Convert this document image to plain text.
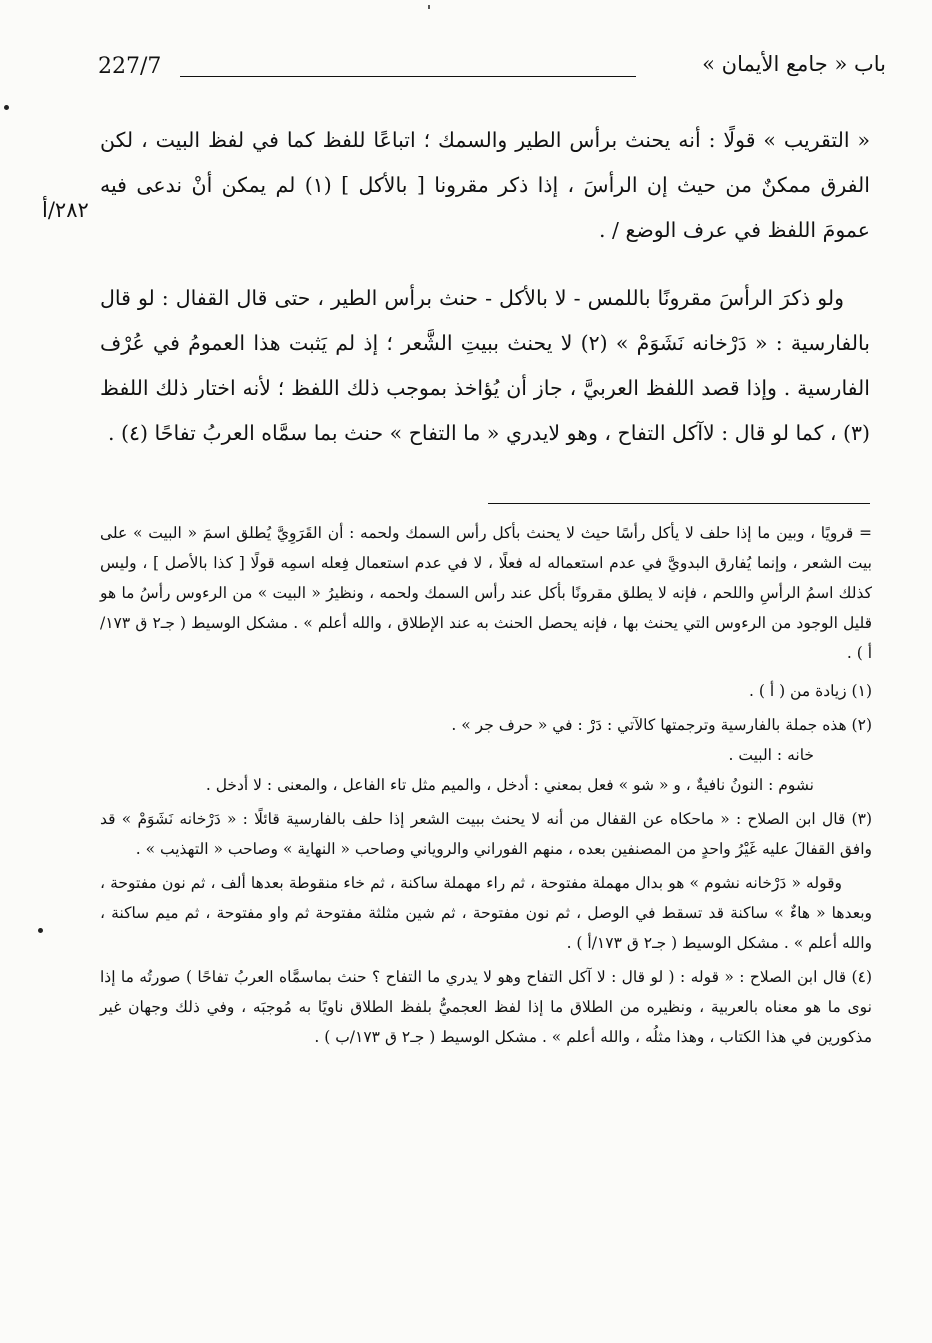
227/7	باب « جامع الأيمان »
٢٨٢/أ

« التقريب » قولًا : أنه يحنث برأس الطير والسمك ؛ اتباعًا للفظ كما في لفظ البيت ، لكن الفرق ممكنٌ من حيث إن الرأسَ ، إذا ذكر مقرونا [ بالأكل ] (١) لم يمكن أنْ ندعى فيه عمومَ اللفظ في عرف الوضع / .

ولو ذكرَ الرأسَ مقرونًا باللمس - لا بالأكل - حنث برأس الطير ، حتى قال القفال : لو قال بالفارسية : « دَرْخانه نَشَوَمْ » (٢) لا يحنث ببيتِ الشَّعر ؛ إذ لم يَثبت هذا العمومُ في عُرْف الفارسية . وإذا قصد اللفظ العربيَّ ، جاز أن يُؤاخذ بموجب ذلك اللفظ ؛ لأنه اختار ذلك اللفظ (٣) ، كما لو قال : لاآكل التفاح ، وهو لايدري « ما التفاح » حنث بما سمَّاه العربُ تفاحًا (٤) .

= قرويًا ، وبين ما إذا حلف لا يأكل رأسًا حيث لا يحنث بأكل رأس السمك ولحمه : أن القَرَوِيَّ يُطلق اسمَ « البيت » على بيت الشعر ، وإنما يُفارق البدويَّ في عدم استعماله له فعلًا ، لا في عدم استعمال فِعله اسمِه قولًا [ كذا بالأصل ] ، وليس كذلك اسمُ الرأسِ واللحم ، فإنه لا يطلق مقرونًا بأكل عند رأس السمك ولحمه ، ونظيرُ « البيت » من الرءوس رأسُ ما هو قليل الوجود من الرءوس التي يحنث بها ، فإنه يحصل الحنث به عند الإطلاق ، والله أعلم » . مشكل الوسيط ( جـ٢ ق ١٧٣/أ ) .

(١) زيادة من ( أ ) .

(٢) هذه جملة بالفارسية وترجمتها كالآتي : دَرْ : في « حرف جر » .

خانه : البيت .

نشوم : النونُ نافيةٌ ، و « شو » فعل بمعني : أدخل ، والميم مثل تاء الفاعل ، والمعنى : لا أدخل .

(٣) قال ابن الصلاح : « ماحكاه عن القفال من أنه لا يحنث ببيت الشعر إذا حلف بالفارسية قائلًا : « دَرْخانه نَشَوَمْ » قد وافق القفالَ عليه غَيْرُ واحدٍ من المصنفين بعده ، منهم الفوراني والروياني وصاحب « النهاية » وصاحب « التهذيب » .

وقوله « دَرْخانه نشوم » هو بدال مهملة مفتوحة ، ثم راء مهملة ساكنة ، ثم خاء منقوطة بعدها ألف ، ثم نون مفتوحة ، وبعدها « هاءٌ » ساكنة قد تسقط في الوصل ، ثم نون مفتوحة ، ثم شين مثلثة مفتوحة ثم واو مفتوحة ، ثم ميم ساكنة ، والله أعلم » . مشكل الوسيط ( جـ٢ ق ١٧٣/أ ) .

(٤) قال ابن الصلاح : « قوله : ( لو قال : لا آكل التفاح وهو لا يدري ما التفاح ؟ حنث بماسمَّاه العربُ تفاحًا ) صورتُه ما إذا نوى ما هو معناه بالعربية ، ونظيره من الطلاق ما إذا لفظ العجميُّ بلفظ الطلاق ناويًا به مُوجبَه ، وفي ذلك وجهان غير مذكورين في هذا الكتاب ، وهذا مثلُه ، والله أعلم » . مشكل الوسيط ( جـ٢ ق ١٧٣/ب ) .
